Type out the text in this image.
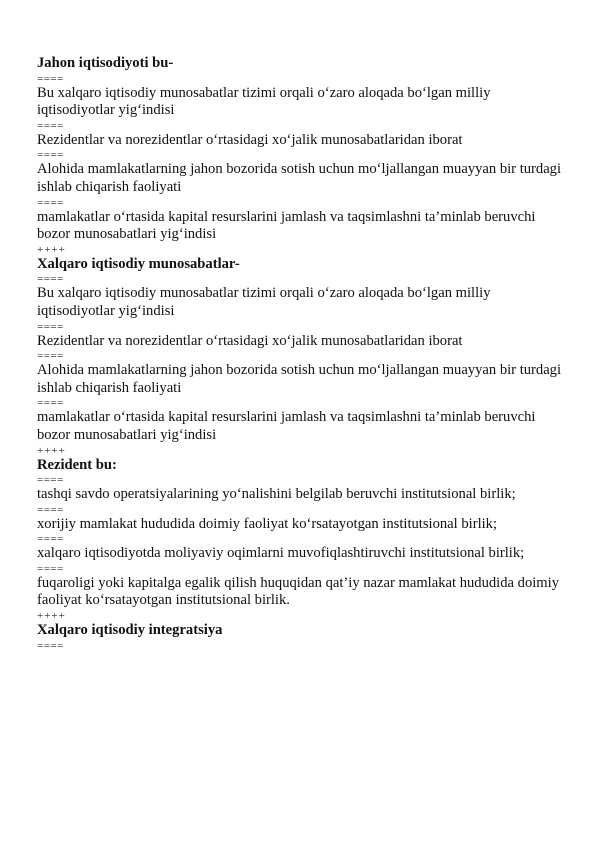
Jahon iqtisodiyoti bu-
====
Bu xalqaro iqtisodiy munosabatlar tizimi orqali o‘zaro aloqada bo‘lgan milliy iqtisodiyotlar yig‘indisi
====
Rezidentlar va norezidentlar o‘rtasidagi xo‘jalik munosabatlaridan iborat
====
Alohida mamlakatlarning jahon bozorida sotish uchun mo‘ljallangan muayyan bir turdagi ishlab chiqarish faoliyati
====
mamlakatlar o‘rtasida kapital resurslarini jamlash va taqsimlashni ta’minlab beruvchi bozor munosabatlari yig‘indisi
++++
Xalqaro iqtisodiy munosabatlar-
====
Bu xalqaro iqtisodiy munosabatlar tizimi orqali o‘zaro aloqada bo‘lgan milliy iqtisodiyotlar yig‘indisi
====
Rezidentlar va norezidentlar o‘rtasidagi xo‘jalik munosabatlaridan iborat
====
Alohida mamlakatlarning jahon bozorida sotish uchun mo‘ljallangan muayyan bir turdagi ishlab chiqarish faoliyati
====
mamlakatlar o‘rtasida kapital resurslarini jamlash va taqsimlashni ta’minlab beruvchi bozor munosabatlari yig‘indisi
++++
Rezident bu:
====
tashqi savdo operatsiyalarining yo‘nalishini belgilab beruvchi institutsional birlik;
====
xorijiy mamlakat hududida doimiy faoliyat ko‘rsatayotgan institutsional birlik;
====
xalqaro iqtisodiyotda moliyaviy oqimlarni muvofiqlashtiruvchi institutsional birlik;
====
fuqaroligi yoki kapitalga egalik qilish huquqidan qat’iy nazar mamlakat hududida doimiy faoliyat ko‘rsatayotgan institutsional birlik.
++++
Xalqaro iqtisodiy integratsiya
====
